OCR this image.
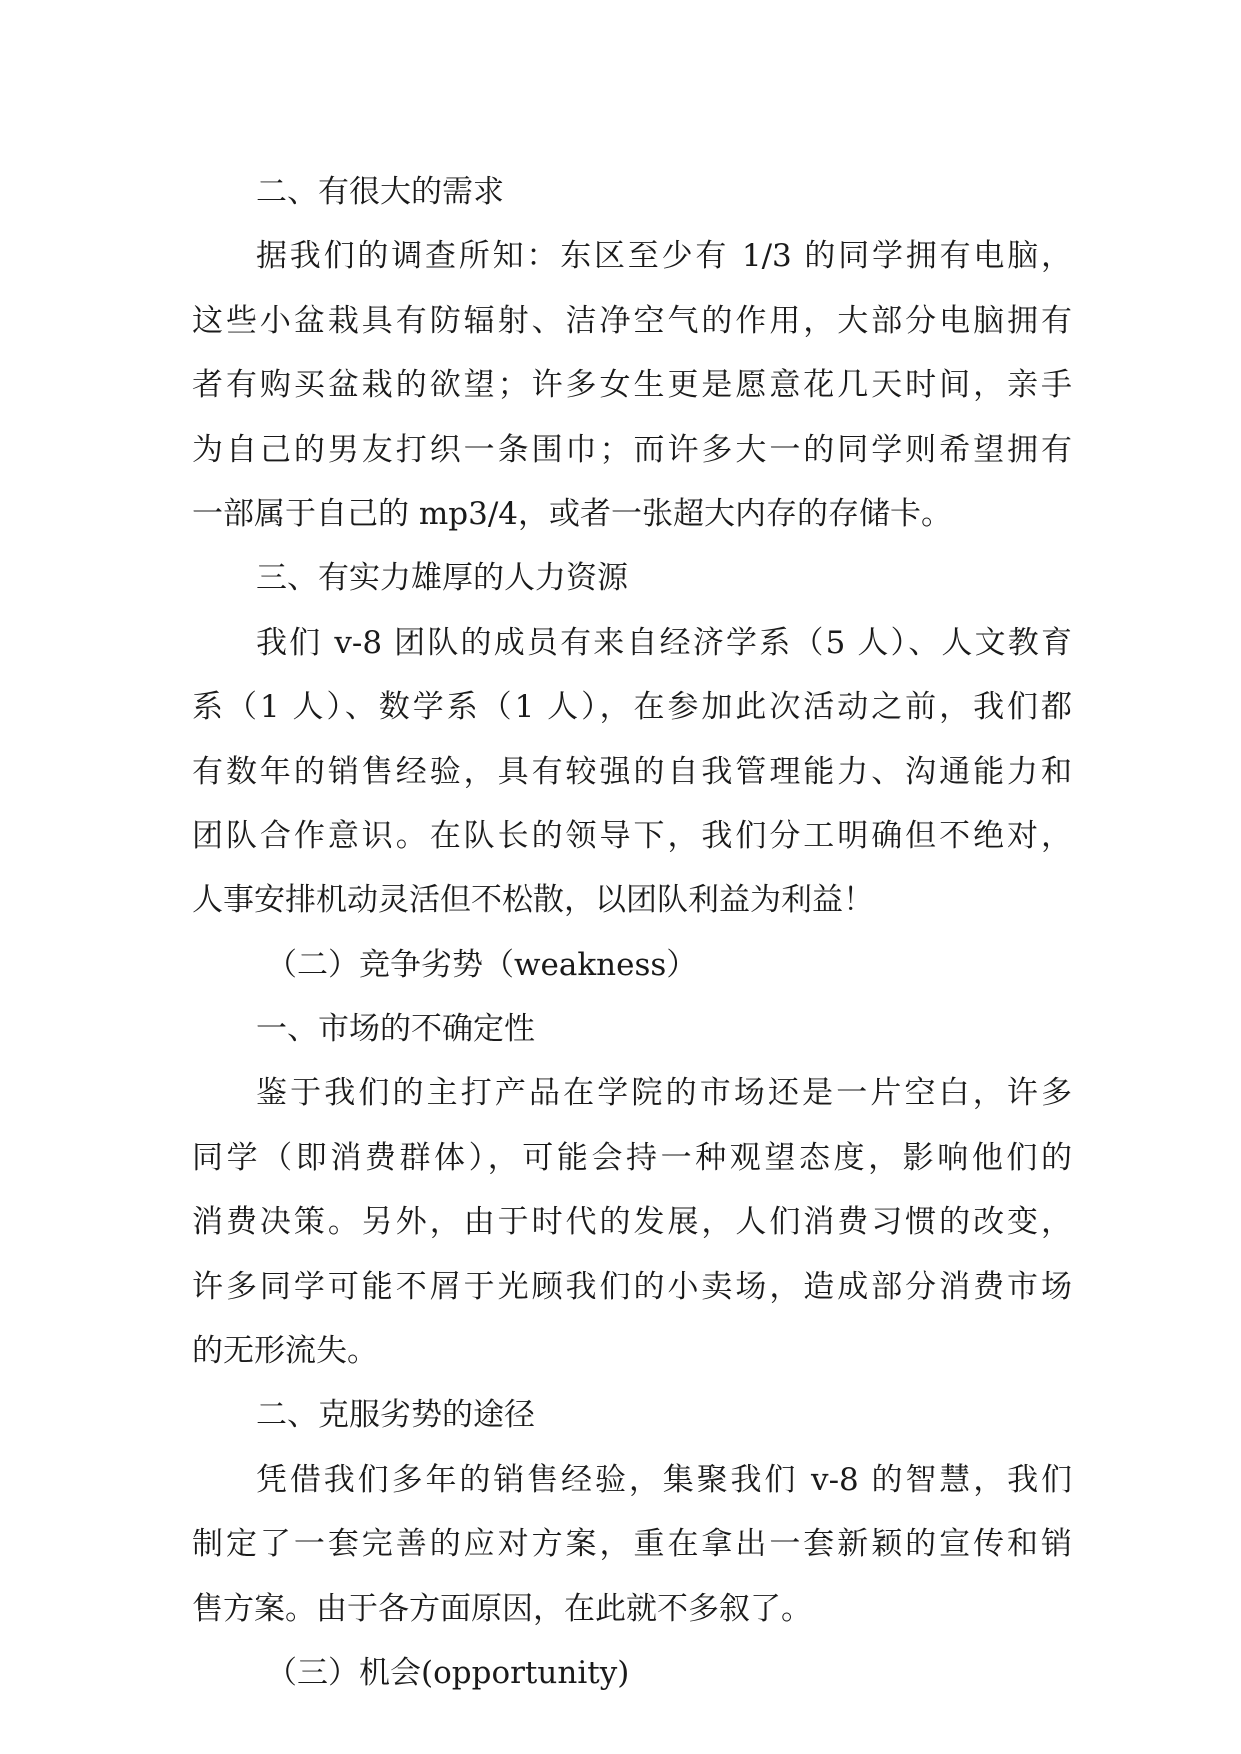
二、有很大的需求
据我们的调查所知：东区至少有 1/3 的同学拥有电脑，
这些小盆栽具有防辐射、洁净空气的作用，大部分电脑拥有
者有购买盆栽的欲望；许多女生更是愿意花几天时间，亲手
为自己的男友打织一条围巾；而许多大一的同学则希望拥有
一部属于自己的 mp3/4，或者一张超大内存的存储卡。
三、有实力雄厚的人力资源
我们 v-8 团队的成员有来自经济学系（5 人）、人文教育
系（1 人）、数学系（1 人），在参加此次活动之前，我们都
有数年的销售经验，具有较强的自我管理能力、沟通能力和
团队合作意识。在队长的领导下，我们分工明确但不绝对，
人事安排机动灵活但不松散，以团队利益为利益！
（二）竞争劣势（weakness）
一、市场的不确定性
鉴于我们的主打产品在学院的市场还是一片空白，许多
同学（即消费群体），可能会持一种观望态度，影响他们的
消费决策。另外，由于时代的发展，人们消费习惯的改变，
许多同学可能不屑于光顾我们的小卖场，造成部分消费市场
的无形流失。
二、克服劣势的途径
凭借我们多年的销售经验，集聚我们 v-8 的智慧，我们
制定了一套完善的应对方案，重在拿出一套新颖的宣传和销
售方案。由于各方面原因，在此就不多叙了。
（三）机会(opportunity)
